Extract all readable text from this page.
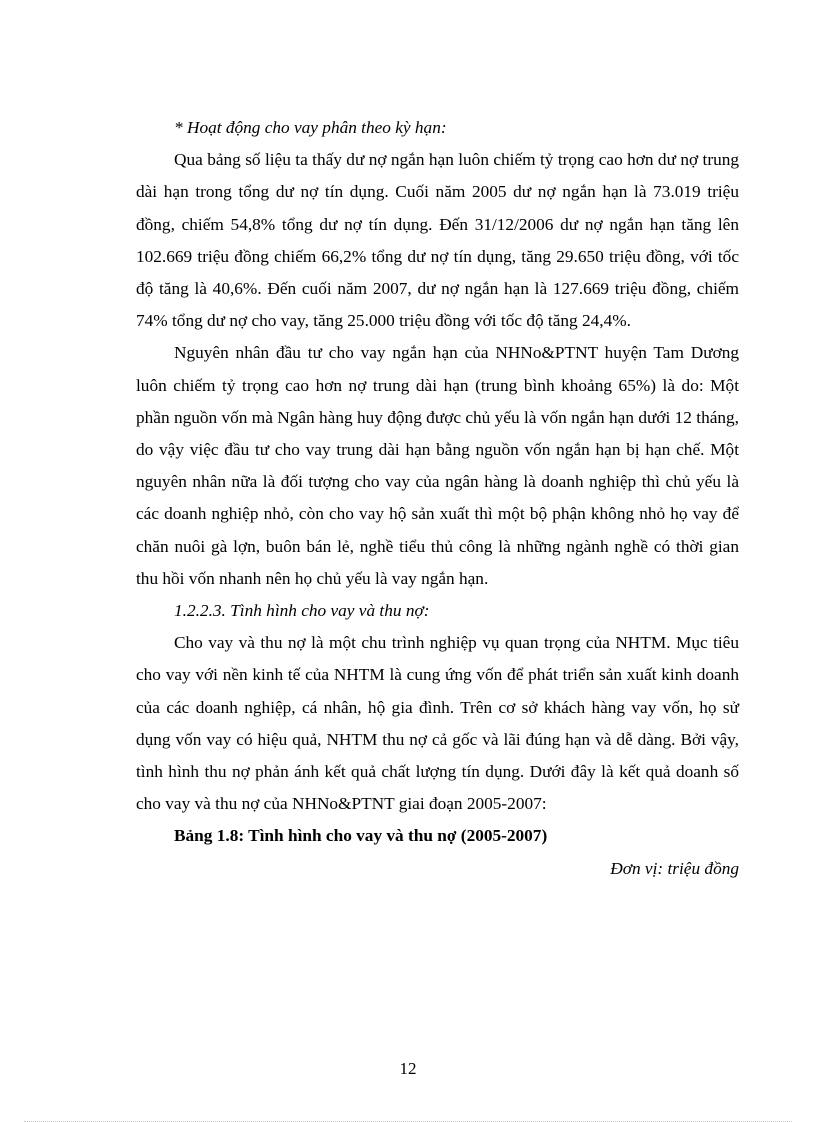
* Hoạt động cho vay phân theo kỳ hạn:

Qua bảng số liệu ta thấy dư nợ ngắn hạn luôn chiếm tỷ trọng cao hơn dư nợ trung dài hạn trong tổng dư nợ tín dụng. Cuối năm 2005 dư nợ ngắn hạn là 73.019 triệu đồng, chiếm 54,8% tổng dư nợ tín dụng. Đến 31/12/2006 dư nợ ngắn hạn tăng lên 102.669 triệu đồng chiếm 66,2% tổng dư nợ tín dụng, tăng 29.650 triệu đồng, với tốc độ tăng là 40,6%. Đến cuối năm 2007, dư nợ ngắn hạn là 127.669 triệu đồng, chiếm 74% tổng dư nợ cho vay, tăng 25.000 triệu đồng với tốc độ tăng 24,4%.

Nguyên nhân đầu tư cho vay ngắn hạn của NHNo&PTNT huyện Tam Dương luôn chiếm tỷ trọng cao hơn nợ trung dài hạn (trung bình khoảng 65%) là do: Một phần nguồn vốn mà Ngân hàng huy động được chủ yếu là vốn ngắn hạn dưới 12 tháng, do vậy việc đầu tư cho vay trung dài hạn bằng nguồn vốn ngắn hạn bị hạn chế. Một nguyên nhân nữa là đối tượng cho vay của ngân hàng là doanh nghiệp thì chủ yếu là các doanh nghiệp nhỏ, còn cho vay hộ sản xuất thì một bộ phận không nhỏ họ vay để chăn nuôi gà lợn, buôn bán lẻ, nghề tiểu thủ công là những ngành nghề có thời gian thu hồi vốn nhanh nên họ chủ yếu là vay ngắn hạn.

1.2.2.3. Tình hình cho vay và thu nợ:

Cho vay và thu nợ là một chu trình nghiệp vụ quan trọng của NHTM. Mục tiêu cho vay với nền kinh tế của NHTM là cung ứng vốn để phát triển sản xuất kinh doanh của các doanh nghiệp, cá nhân, hộ gia đình. Trên cơ sở khách hàng vay vốn, họ sử dụng vốn vay có hiệu quả, NHTM thu nợ cả gốc và lãi đúng hạn và dễ dàng. Bởi vậy, tình hình thu nợ phản ánh kết quả chất lượng tín dụng. Dưới đây là kết quả doanh số cho vay và thu nợ của NHNo&PTNT giai đoạn 2005-2007:

Bảng 1.8: Tình hình cho vay và thu nợ (2005-2007)

Đơn vị: triệu đồng

12
